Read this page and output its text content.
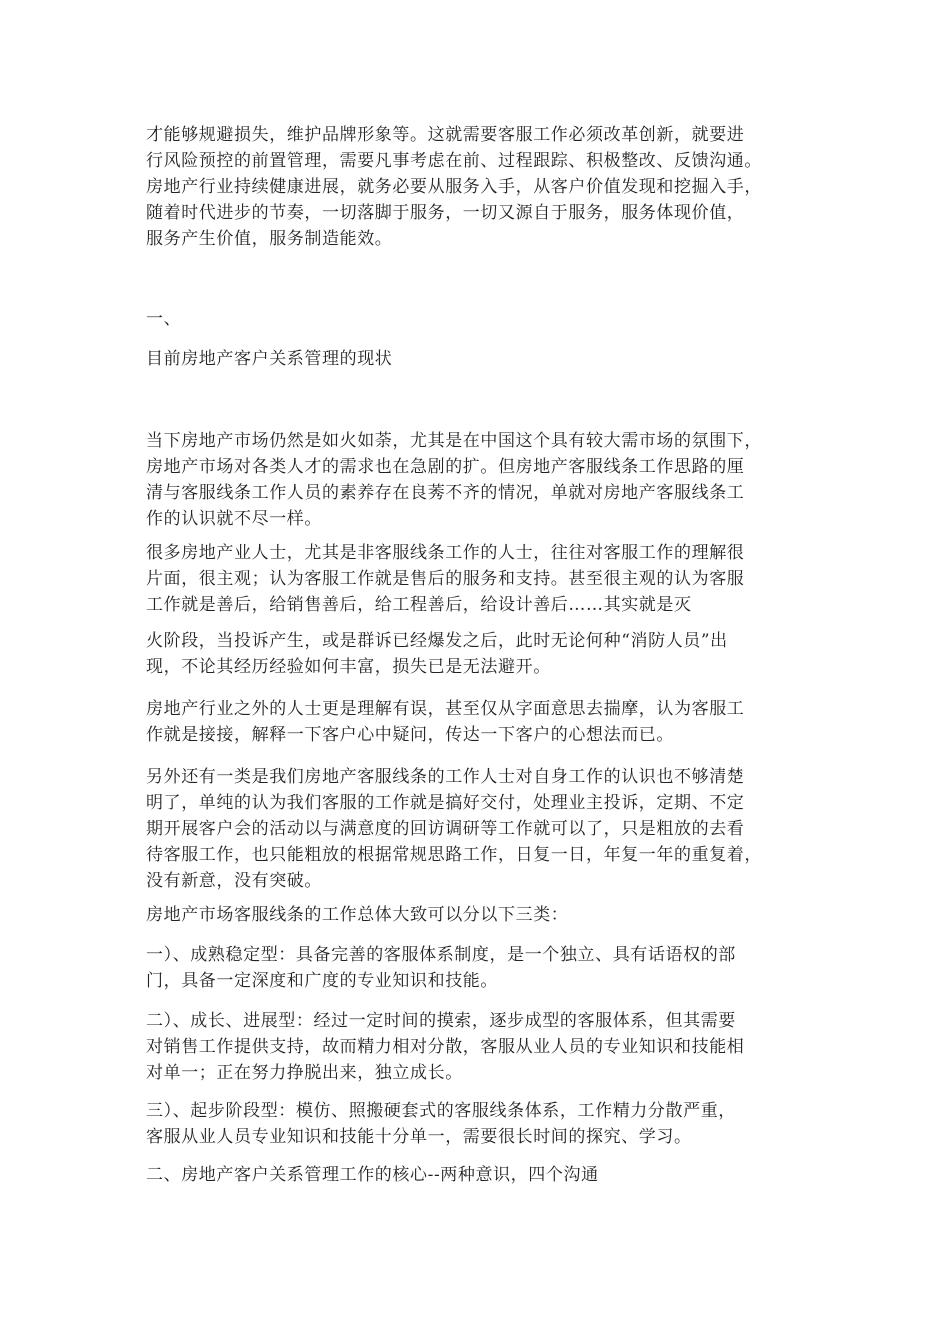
才能够规避损失，维护品牌形象等。这就需要客服工作必须改革创新，就要进
行风险预控的前置管理，需要凡事考虑在前、过程跟踪、积极整改、反馈沟通。
房地产行业持续健康进展，就务必要从服务入手，从客户价值发现和挖掘入手，
随着时代进步的节奏，一切落脚于服务，一切又源自于服务，服务体现价值，
服务产生价值，服务制造能效。
一、
目前房地产客户关系管理的现状
当下房地产市场仍然是如火如荼，尤其是在中国这个具有较大需市场的氛围下，
房地产市场对各类人才的需求也在急剧的扩。但房地产客服线条工作思路的厘
清与客服线条工作人员的素养存在良莠不齐的情况，单就对房地产客服线条工
作的认识就不尽一样。
很多房地产业人士，尤其是非客服线条工作的人士，往往对客服工作的理解很
片面，很主观；认为客服工作就是售后的服务和支持。甚至很主观的认为客服
工作就是善后，给销售善后，给工程善后，给设计善后……其实就是灭
火阶段，当投诉产生，或是群诉已经爆发之后，此时无论何种“消防人员”出
现，不论其经历经验如何丰富，损失已是无法避开。
房地产行业之外的人士更是理解有误，甚至仅从字面意思去揣摩，认为客服工
作就是接接，解释一下客户心中疑问，传达一下客户的心想法而已。
另外还有一类是我们房地产客服线条的工作人士对自身工作的认识也不够清楚
明了，单纯的认为我们客服的工作就是搞好交付，处理业主投诉，定期、不定
期开展客户会的活动以与满意度的回访调研等工作就可以了，只是粗放的去看
待客服工作，也只能粗放的根据常规思路工作，日复一日，年复一年的重复着，
没有新意，没有突破。
房地产市场客服线条的工作总体大致可以分以下三类：
一）、成熟稳定型：具备完善的客服体系制度，是一个独立、具有话语权的部
门，具备一定深度和广度的专业知识和技能。
二）、成长、进展型：经过一定时间的摸索，逐步成型的客服体系，但其需要
对销售工作提供支持，故而精力相对分散，客服从业人员的专业知识和技能相
对单一；正在努力挣脱出来，独立成长。
三）、起步阶段型：模仿、照搬硬套式的客服线条体系，工作精力分散严重，
客服从业人员专业知识和技能十分单一，需要很长时间的探究、学习。
二、房地产客户关系管理工作的核心--两种意识，四个沟通
